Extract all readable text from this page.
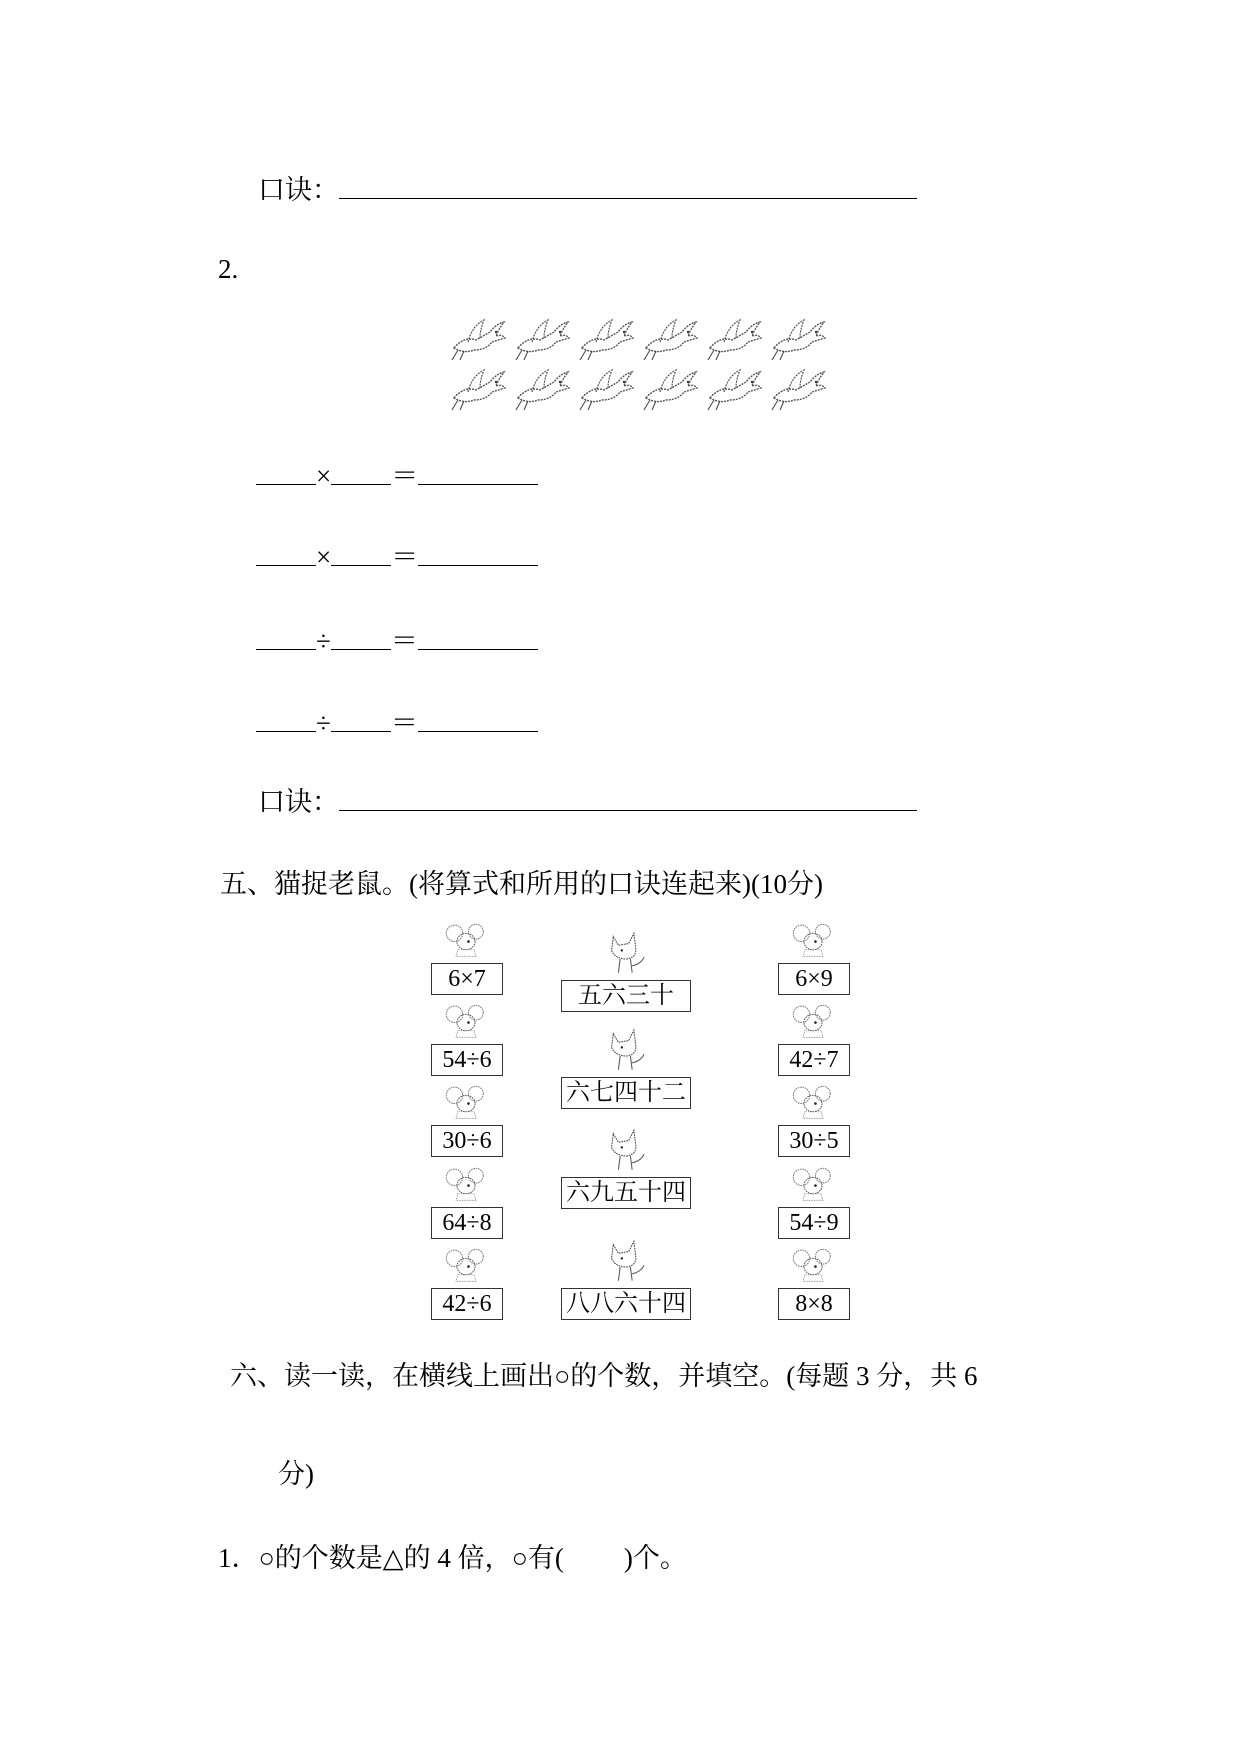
口诀：
2.
× ＝
× ＝
÷ ＝
÷ ＝
口诀：
五、猫捉老鼠。(将算式和所用的口诀连起来)(10分)
6×7
54÷6
30÷6
64÷8
42÷6
6×9
42÷7
30÷5
54÷9
8×8
五六三十
六七四十二
六九五十四
八八六十四
六、读一读，在横线上画出○的个数，并填空。(每题 3 分，共 6
分)
1．○的个数是△的 4 倍，○有( )个。
